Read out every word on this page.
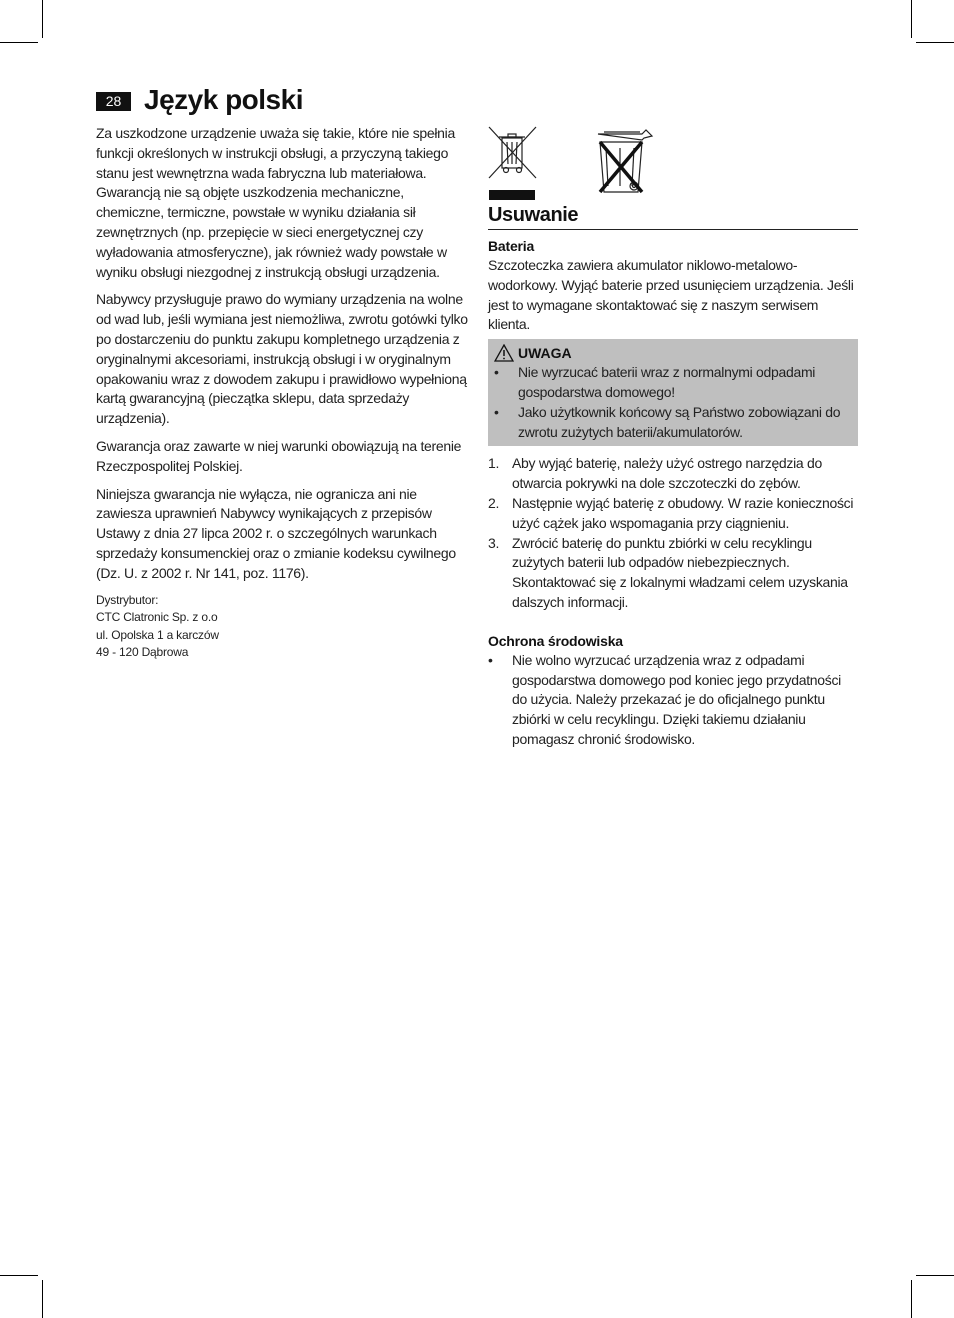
28 Język polski

Za uszkodzone urządzenie uważa się takie, które nie spełnia funkcji określonych w instrukcji obsługi, a przyczyną takiego stanu jest wewnętrzna wada fabryczna lub materiałowa. Gwarancją nie są objęte uszkodzenia mechaniczne, chemiczne, termiczne, powstałe w wyniku działania sił zewnętrznych (np. przepięcie w sieci energetycznej czy wyładowania atmosferyczne), jak również wady powstałe w wyniku obsługi niezgodnej z instrukcją obsługi urządzenia.

Nabywcy przysługuje prawo do wymiany urządzenia na wolne od wad lub, jeśli wymiana jest niemożliwa, zwrotu gotówki tylko po dostarczeniu do punktu zakupu kompletnego urządzenia z oryginalnymi akcesoriami, instrukcją obsługi i w oryginalnym opakowaniu wraz z dowodem zakupu i prawidłowo wypełnioną kartą gwarancyjną (pieczątka sklepu, data sprzedaży urządzenia).

Gwarancja oraz zawarte w niej warunki obowiązują na terenie Rzeczpospolitej Polskiej.

Niniejsza gwarancja nie wyłącza, nie ogranicza ani nie zawiesza uprawnień Nabywcy wynikających z przepisów Ustawy z dnia 27 lipca 2002 r. o szczególnych warunkach sprzedaży konsumenckiej oraz o zmianie kodeksu cywilnego (Dz. U. z 2002 r. Nr 141, poz. 1176).

Dystrybutor:
CTC Clatronic Sp. z o.o
ul. Opolska 1 a karczów
49 - 120 Dąbrowa
Usuwanie
Bateria

Szczoteczka zawiera akumulator niklowo-metalowo-wodorkowy. Wyjąć baterie przed usunięciem urządzenia. Jeśli jest to wymagane skontaktować się z naszym serwisem klienta.

UWAGA
• Nie wyrzucać baterii wraz z normalnymi odpadami gospodarstwa domowego!
• Jako użytkownik końcowy są Państwo zobowiązani do zwrotu zużytych baterii/akumulatorów.
1. Aby wyjąć baterię, należy użyć ostrego narzędzia do otwarcia pokrywki na dole szczoteczki do zębów.
2. Następnie wyjąć baterię z obudowy. W razie konieczności użyć cążek jako wspomagania przy ciągnieniu.
3. Zwrócić baterię do punktu zbiórki w celu recyklingu zużytych baterii lub odpadów niebezpiecznych. Skontaktować się z lokalnymi władzami celem uzyskania dalszych informacji.
Ochrona środowiska
• Nie wolno wyrzucać urządzenia wraz z odpadami gospodarstwa domowego pod koniec jego przydatności do użycia. Należy przekazać je do oficjalnego punktu zbiórki w celu recyklingu. Dzięki takiemu działaniu pomagasz chronić środowisko.
